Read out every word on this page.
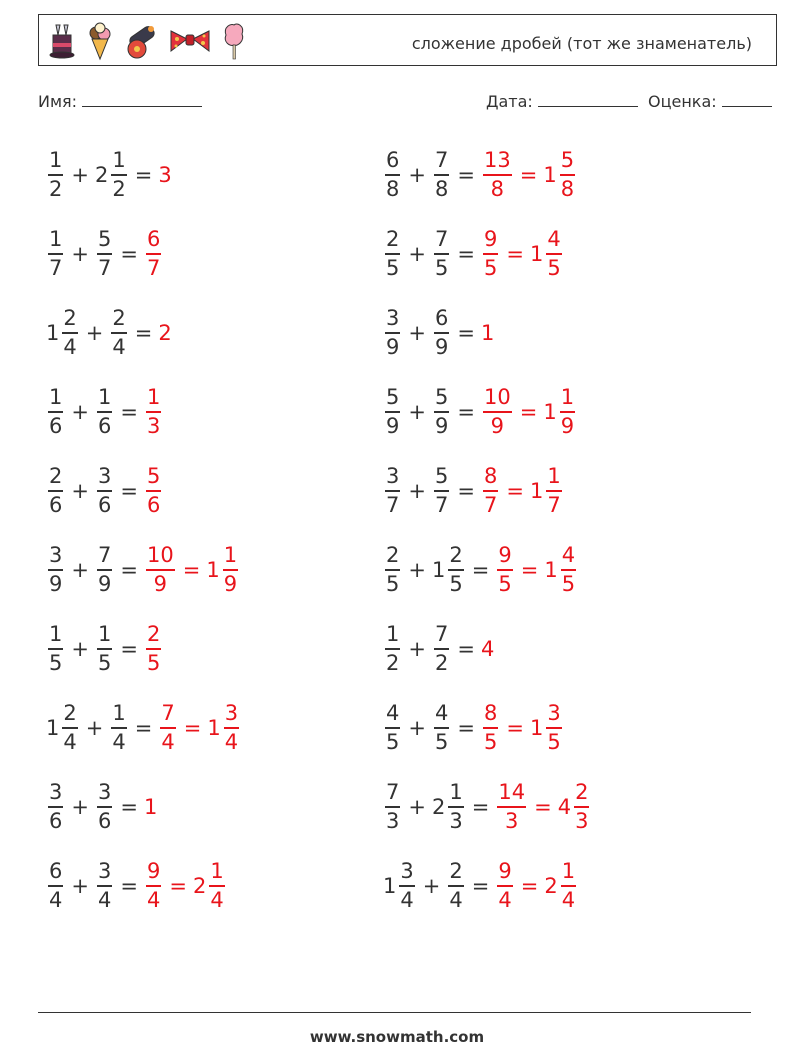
сложение дробей (тот же знаменатель)
Имя:	Дата:	Оценка:
$\frac{1}{2} + 2 \frac{1}{2} = 3$
$\frac{1}{7} + \frac{5}{7} = \frac{6}{7}$
$1 \frac{2}{4} + \frac{2}{4} = 2$
$\frac{1}{6} + \frac{1}{6} = \frac{1}{3}$
$\frac{2}{6} + \frac{3}{6} = \frac{5}{6}$
$\frac{3}{9} + \frac{7}{9} = \frac{10}{9} = 1 \frac{1}{9}$
$\frac{1}{5} + \frac{1}{5} = \frac{2}{5}$
$1 \frac{2}{4} + \frac{1}{4} = \frac{7}{4} = 1 \frac{3}{4}$
$\frac{3}{6} + \frac{3}{6} = 1$
$\frac{6}{4} + \frac{3}{4} = \frac{9}{4} = 2 \frac{1}{4}$
$\frac{6}{8} + \frac{7}{8} = \frac{13}{8} = 1 \frac{5}{8}$
$\frac{2}{5} + \frac{7}{5} = \frac{9}{5} = 1 \frac{4}{5}$
$\frac{3}{9} + \frac{6}{9} = 1$
$\frac{5}{9} + \frac{5}{9} = \frac{10}{9} = 1 \frac{1}{9}$
$\frac{3}{7} + \frac{5}{7} = \frac{8}{7} = 1 \frac{1}{7}$
$\frac{2}{5} + 1 \frac{2}{5} = \frac{9}{5} = 1 \frac{4}{5}$
$\frac{1}{2} + \frac{7}{2} = 4$
$\frac{4}{5} + \frac{4}{5} = \frac{8}{5} = 1 \frac{3}{5}$
$\frac{7}{3} + 2 \frac{1}{3} = \frac{14}{3} = 4 \frac{2}{3}$
$1 \frac{3}{4} + \frac{2}{4} = \frac{9}{4} = 2 \frac{1}{4}$
www.snowmath.com
